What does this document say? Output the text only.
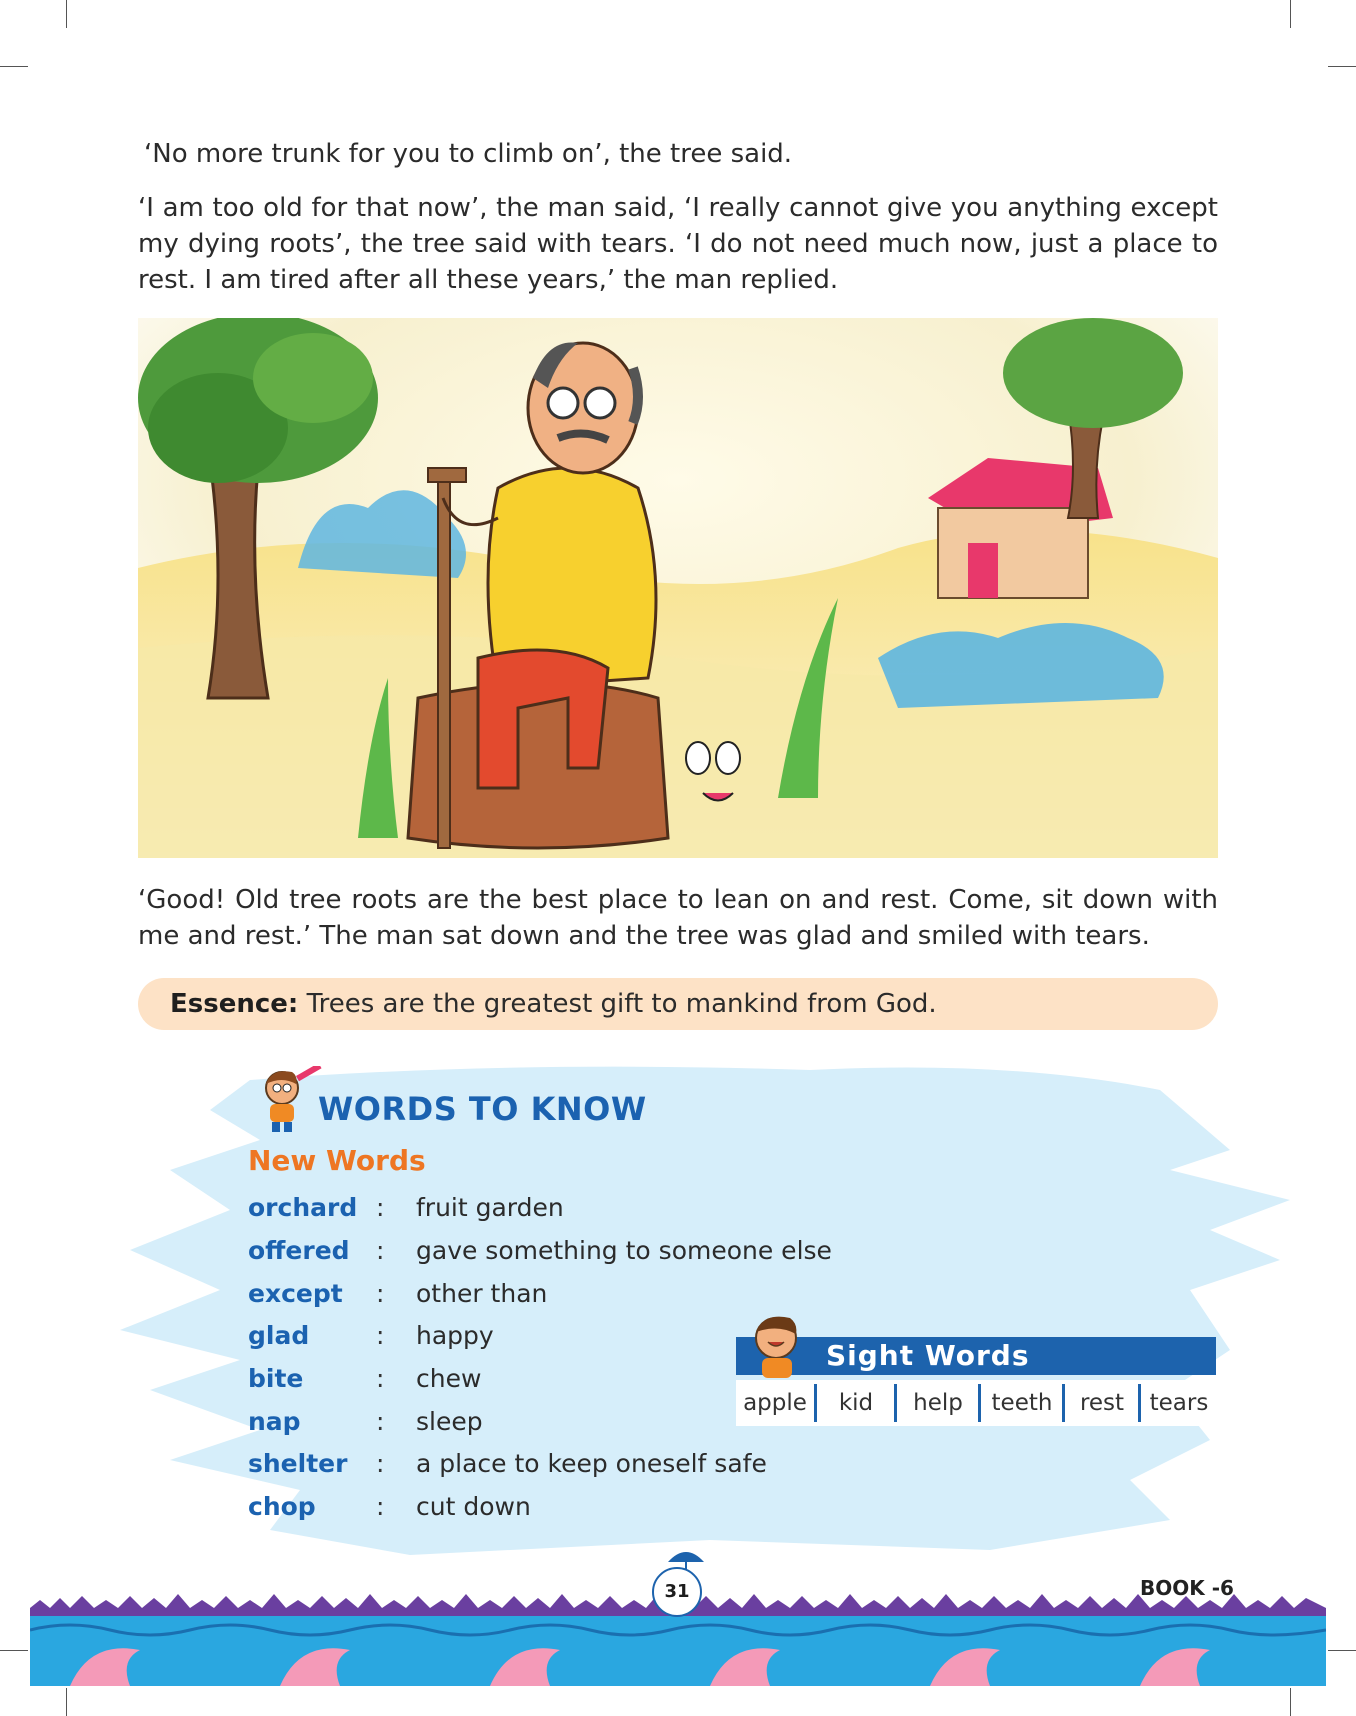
‘No more trunk for you to climb on’, the tree said.

‘I am too old for that now’, the man said, ‘I really cannot give you anything except my dying roots’, the tree said with tears. ‘I do not need much now, just a place to rest. I am tired after all these years,’ the man replied.

‘Good! Old tree roots are the best place to lean on and rest. Come, sit down with me and rest.’ The man sat down and the tree was glad and smiled with tears.

Essence: Trees are the greatest gift to mankind from God.
WORDS TO KNOW
New Words
orchard : fruit garden
offered	: gave something to someone else
except	: other than
glad	: happy
bite	: chew
nap	: sleep
shelter	: a place to keep oneself safe
chop	: cut down
Sight Words
apple	kid	help	teeth	rest	tears
31	BOOK -6
